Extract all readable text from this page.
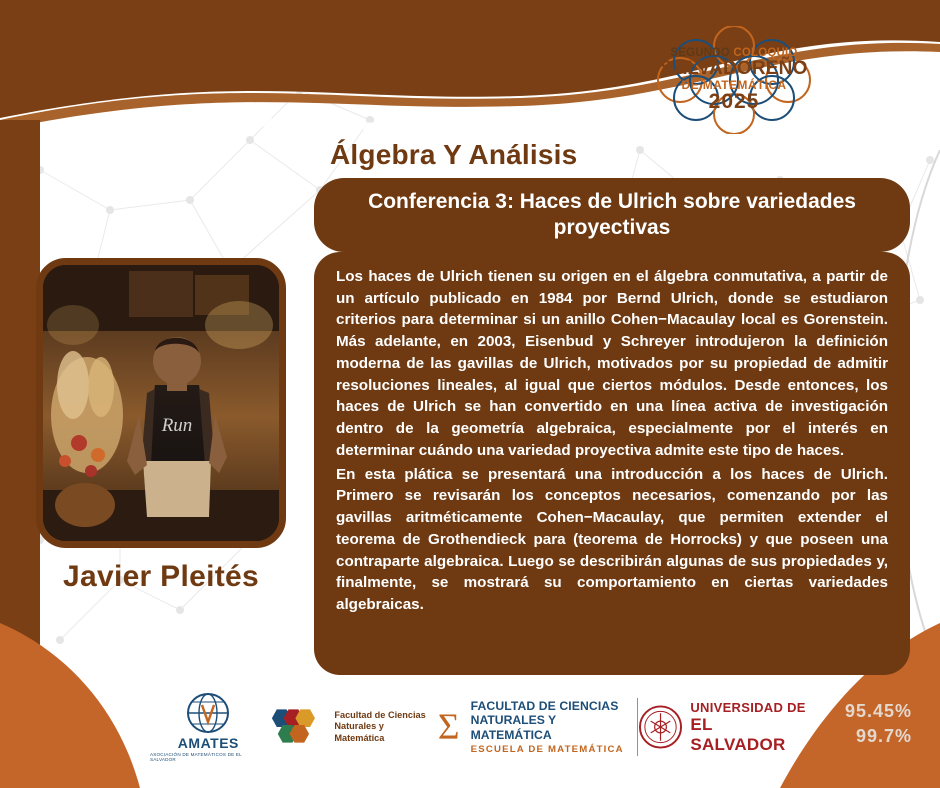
95.45%
99.7%
SEGUNDO COLOQUIO
SALVADOREÑO
DE MATEMÁTICA
2025
Run
Javier Pleités
Álgebra Y Análisis
Conferencia 3: Haces de Ulrich sobre variedades proyectivas

Los haces de Ulrich tienen su origen en el álgebra conmutativa, a partir de un artículo publicado en 1984 por Bernd Ulrich, donde se estudiaron criterios para determinar si un anillo Cohen−Macaulay local es Gorenstein. Más adelante, en 2003, Eisenbud y Schreyer introdujeron la definición moderna de las gavillas de Ulrich, motivados por su propiedad de admitir resoluciones lineales, al igual que ciertos módulos. Desde entonces, los haces de Ulrich se han convertido en una línea activa de investigación dentro de la geometría algebraica, especialmente por el interés en determinar cuándo una variedad proyectiva admite este tipo de haces.

En esta plática se presentará una introducción a los haces de Ulrich. Primero se revisarán los conceptos necesarios, comenzando por las gavillas aritméticamente Cohen−Macaulay, que permiten extender el teorema de Grothendieck para (teorema de Horrocks) y que poseen una contraparte algebraica. Luego se describirán algunas de sus propiedades y, finalmente, se mostrará su comportamiento en ciertas variedades algebraicas.

AMATES
ASOCIACIÓN DE MATEMÁTICOS DE EL SALVADOR
Facultad de Ciencias
Naturales y Matemática	Σ
FACULTAD DE CIENCIAS
NATURALES Y MATEMÁTICA
ESCUELA DE MATEMÁTICA
UNIVERSIDAD DE
EL SALVADOR
